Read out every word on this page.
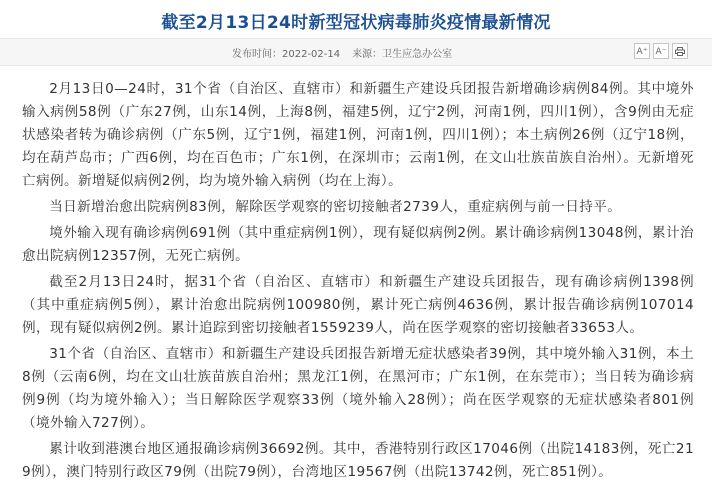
截至2月13日24时新型冠状病毒肺炎疫情最新情况
发布时间：2022-02-14 来源：卫生应急办公室	A⁺ A⁻

2月13日0—24时，31个省（自治区、直辖市）和新疆生产建设兵团报告新增确诊病例84例。其中境外输入病例58例（广东27例，山东14例，上海8例，福建5例，辽宁2例，河南1例，四川1例），含9例由无症状感染者转为确诊病例（广东5例，辽宁1例，福建1例，河南1例，四川1例）；本土病例26例（辽宁18例，均在葫芦岛市；广西6例，均在百色市；广东1例，在深圳市；云南1例，在文山壮族苗族自治州）。无新增死亡病例。新增疑似病例2例，均为境外输入病例（均在上海）。

当日新增治愈出院病例83例，解除医学观察的密切接触者2739人，重症病例与前一日持平。

境外输入现有确诊病例691例（其中重症病例1例），现有疑似病例2例。累计确诊病例13048例，累计治愈出院病例12357例，无死亡病例。

截至2月13日24时，据31个省（自治区、直辖市）和新疆生产建设兵团报告，现有确诊病例1398例（其中重症病例5例），累计治愈出院病例100980例，累计死亡病例4636例，累计报告确诊病例107014例，现有疑似病例2例。累计追踪到密切接触者1559239人，尚在医学观察的密切接触者33653人。

31个省（自治区、直辖市）和新疆生产建设兵团报告新增无症状感染者39例，其中境外输入31例，本土8例（云南6例，均在文山壮族苗族自治州；黑龙江1例，在黑河市；广东1例，在东莞市）；当日转为确诊病例9例（均为境外输入）；当日解除医学观察33例（境外输入28例）；尚在医学观察的无症状感染者801例（境外输入727例）。

累计收到港澳台地区通报确诊病例36692例。其中，香港特别行政区17046例（出院14183例，死亡219例），澳门特别行政区79例（出院79例），台湾地区19567例（出院13742例，死亡851例）。
